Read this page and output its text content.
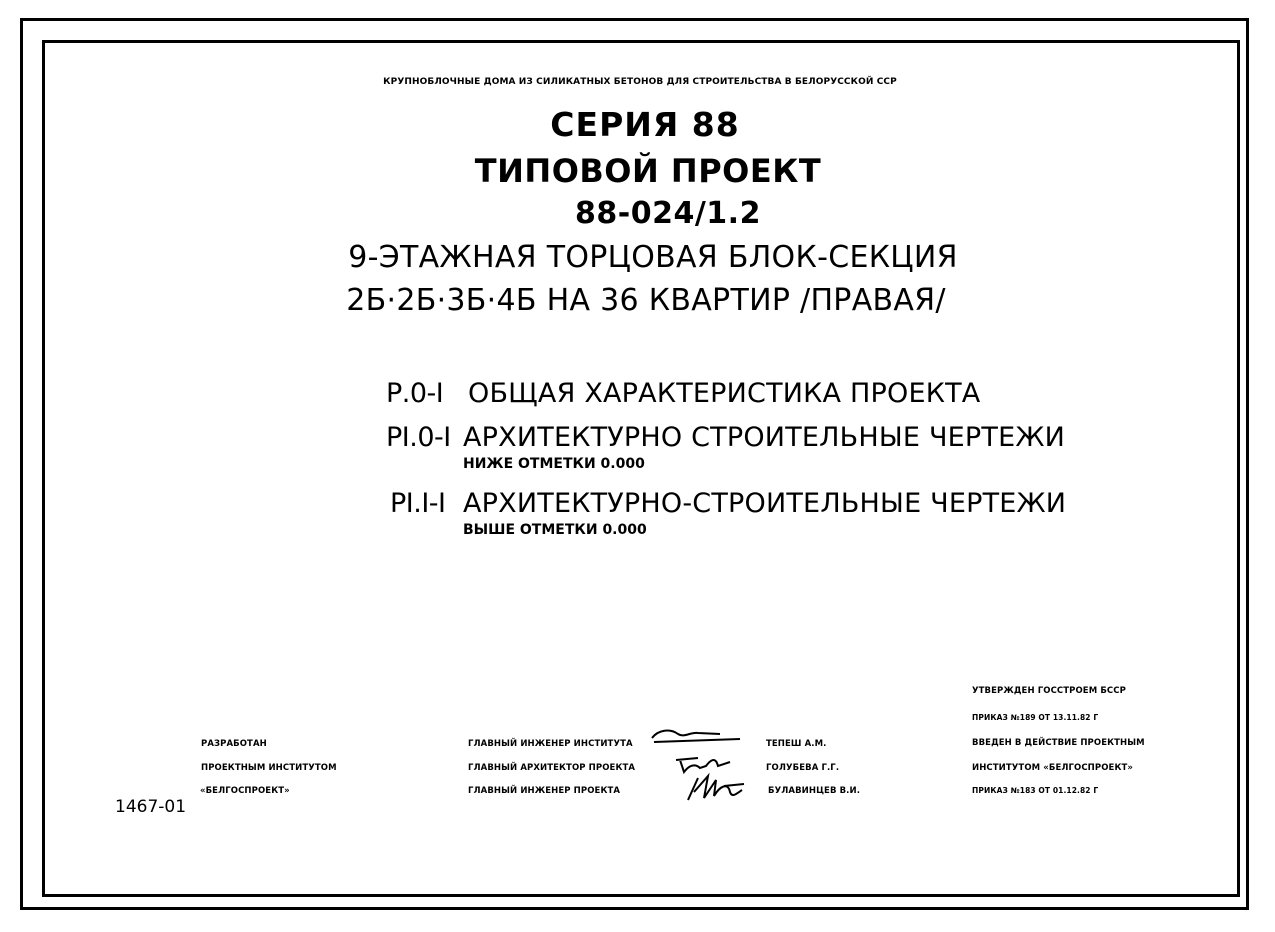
КРУПНОБЛОЧНЫЕ ДОМА ИЗ СИЛИКАТНЫХ БЕТОНОВ ДЛЯ СТРОИТЕЛЬСТВА В БЕЛОРУССКОЙ ССР
СЕРИЯ 88
ТИПОВОЙ ПРОЕКТ
88-024/1.2
9-ЭТАЖНАЯ ТОРЦОВАЯ БЛОК-СЕКЦИЯ
2Б·2Б·3Б·4Б НА 36 КВАРТИР /ПРАВАЯ/
Р.0-I ОБЩАЯ ХАРАКТЕРИСТИКА ПРОЕКТА
РI.0-I АРХИТЕКТУРНО СТРОИТЕЛЬНЫЕ ЧЕРТЕЖИ
НИЖЕ ОТМЕТКИ 0.000
РI.I-I АРХИТЕКТУРНО-СТРОИТЕЛЬНЫЕ ЧЕРТЕЖИ
ВЫШЕ ОТМЕТКИ 0.000
РАЗРАБОТАН
ПРОЕКТНЫМ ИНСТИТУТОМ
«БЕЛГОСПРОЕКТ»
1467-01
ГЛАВНЫЙ ИНЖЕНЕР ИНСТИТУТА
ГЛАВНЫЙ АРХИТЕКТОР ПРОЕКТА
ГЛАВНЫЙ ИНЖЕНЕР ПРОЕКТА
ТЕПЕШ А.М.
ГОЛУБЕВА Г.Г.
БУЛАВИНЦЕВ В.И.
УТВЕРЖДЕН ГОССТРОЕМ БССР
ПРИКАЗ №189 ОТ 13.11.82 Г
ВВЕДЕН В ДЕЙСТВИЕ ПРОЕКТНЫМ
ИНСТИТУТОМ «БЕЛГОСПРОЕКТ»
ПРИКАЗ №183 ОТ 01.12.82 Г
